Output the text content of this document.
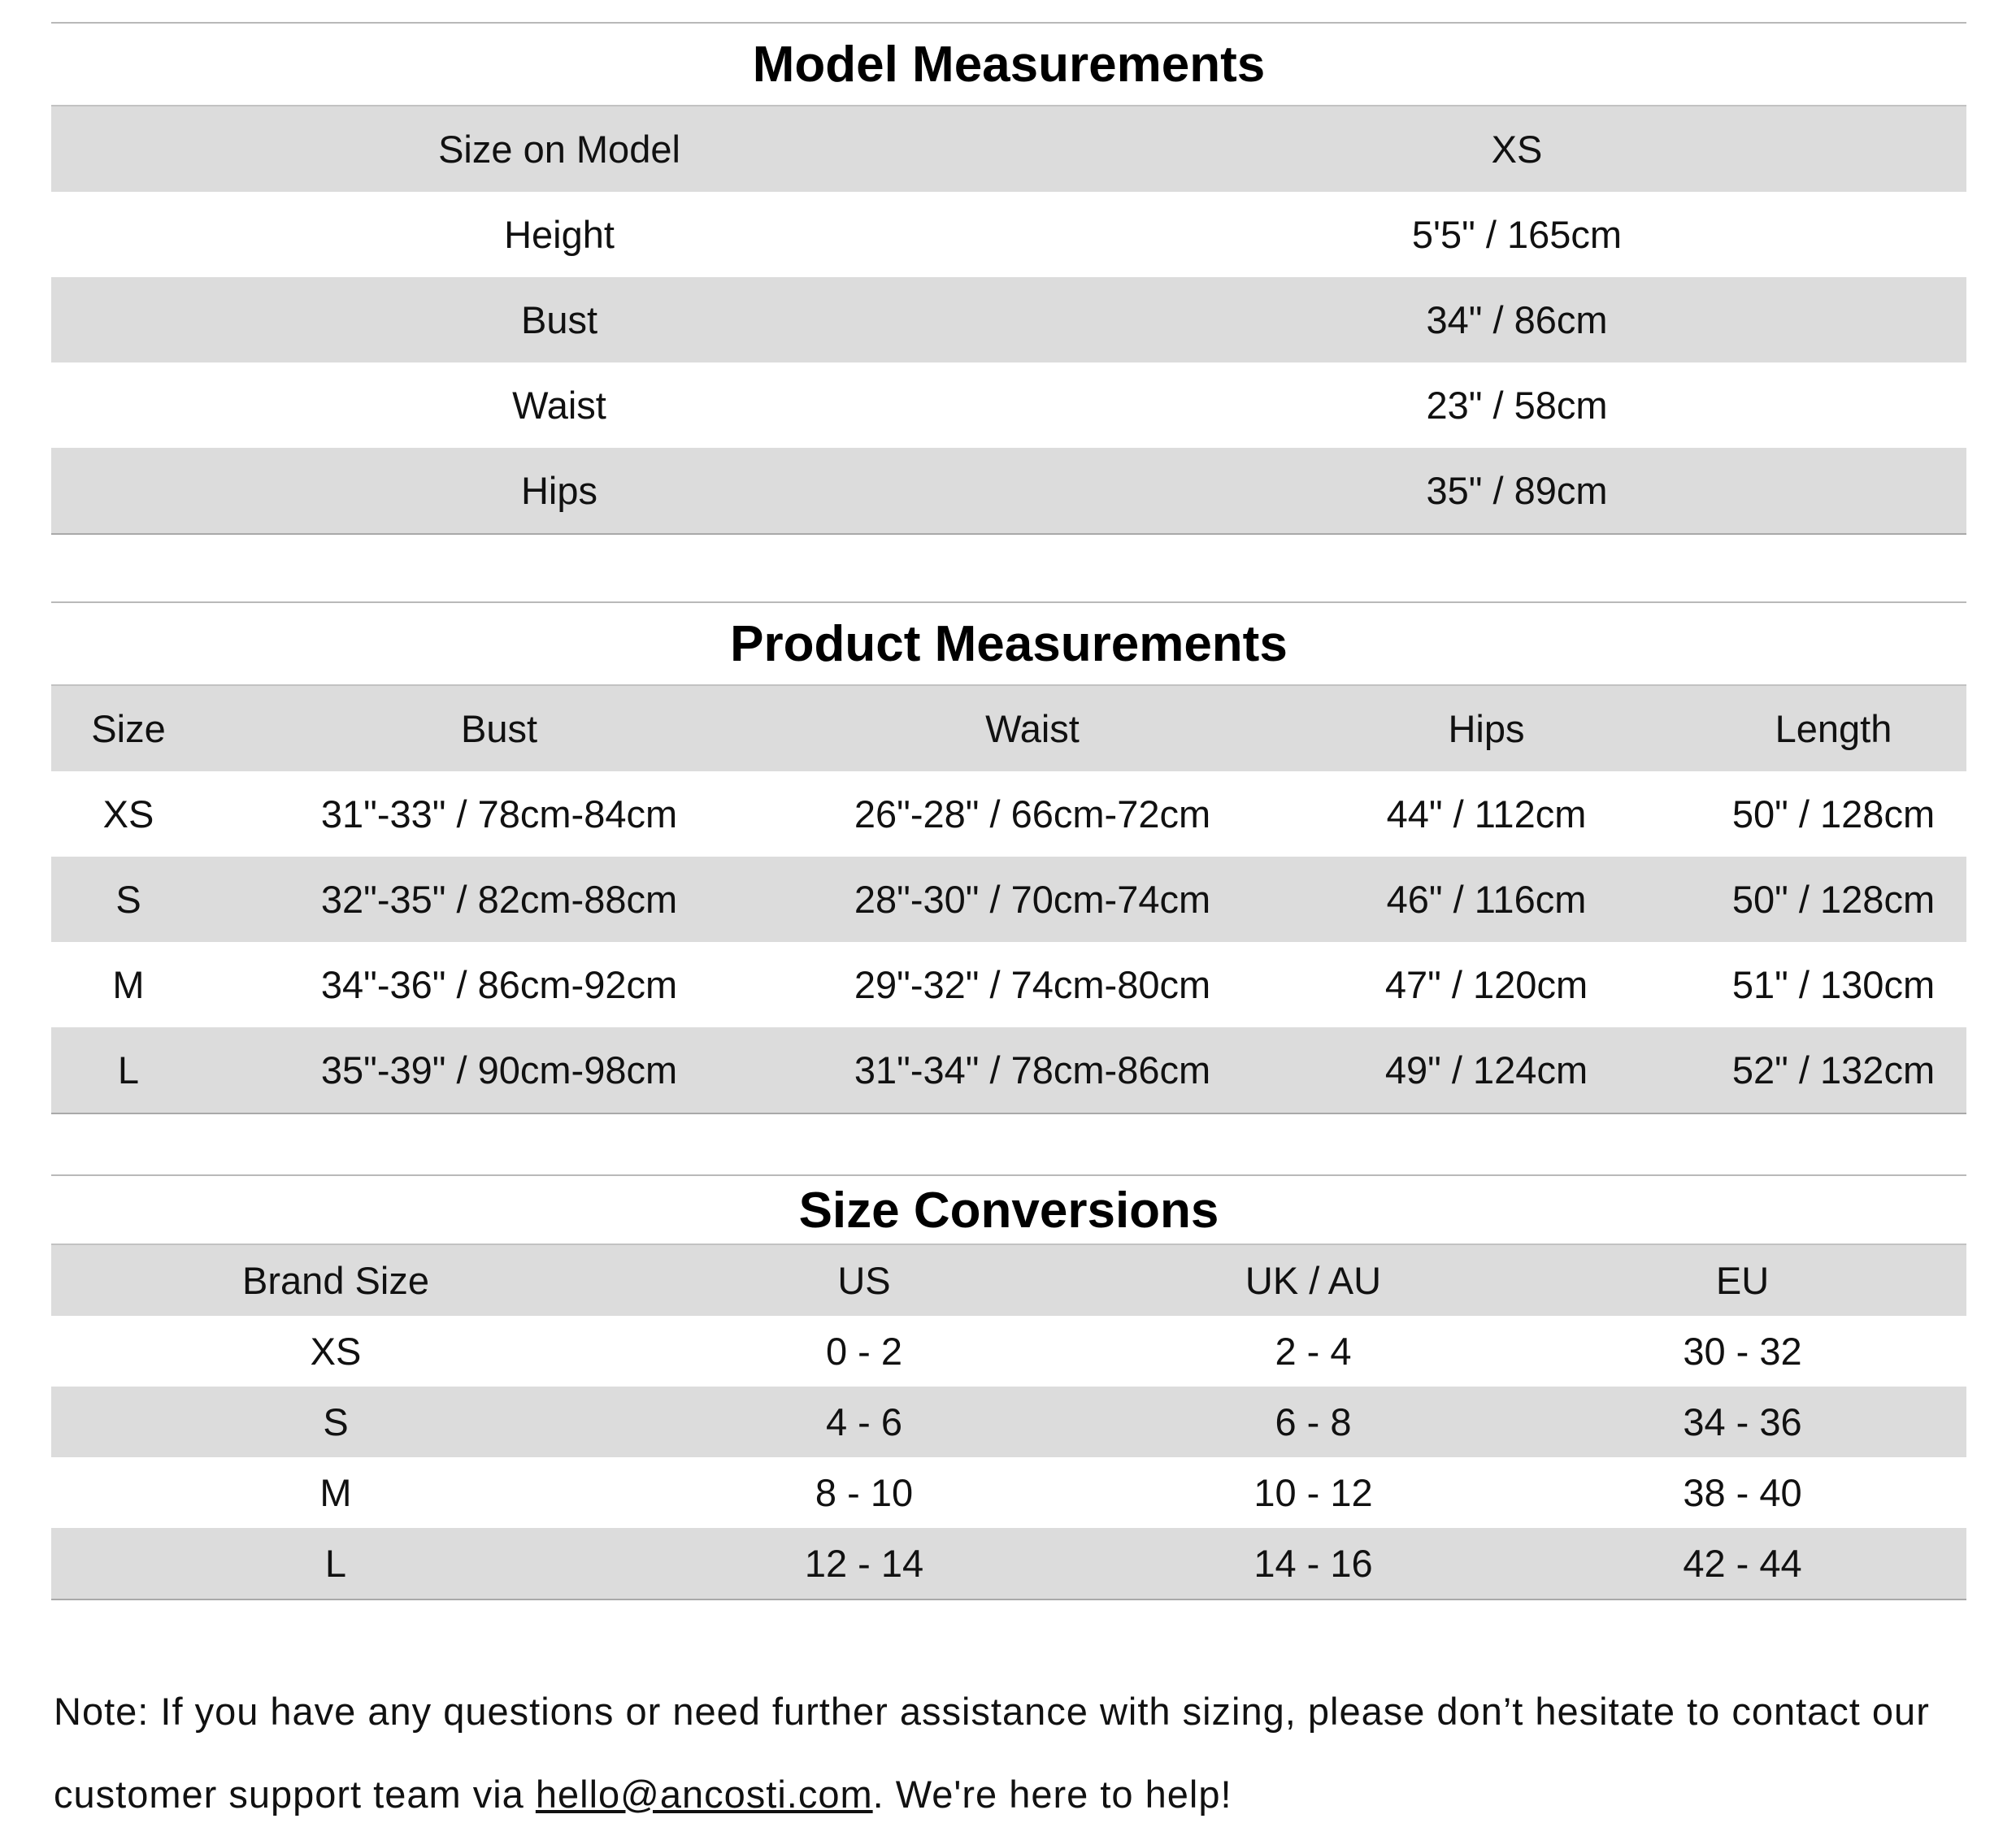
Model Measurements
Size on Model	XS
Height	5'5" / 165cm
Bust	34" / 86cm
Waist	23" / 58cm
Hips	35" / 89cm
Product Measurements
Size	Bust	Waist	Hips	Length
XS	31"-33" / 78cm-84cm	26"-28" / 66cm-72cm	44" / 112cm	50" / 128cm
S	32"-35" / 82cm-88cm	28"-30" / 70cm-74cm	46" / 116cm	50" / 128cm
M	34"-36" / 86cm-92cm	29"-32" / 74cm-80cm	47" / 120cm	51" / 130cm
L	35"-39" / 90cm-98cm	31"-34" / 78cm-86cm	49" / 124cm	52" / 132cm
Size Conversions
Brand Size	US	UK / AU	EU
XS	0 - 2	2 - 4	30 - 32
S	4 - 6	6 - 8	34 - 36
M	8 - 10	10 - 12	38 - 40
L	12 - 14	14 - 16	42 - 44

Note: If you have any questions or need further assistance with sizing, please don’t hesitate to contact our customer support team via hello@ancosti.com. We're here to help!
